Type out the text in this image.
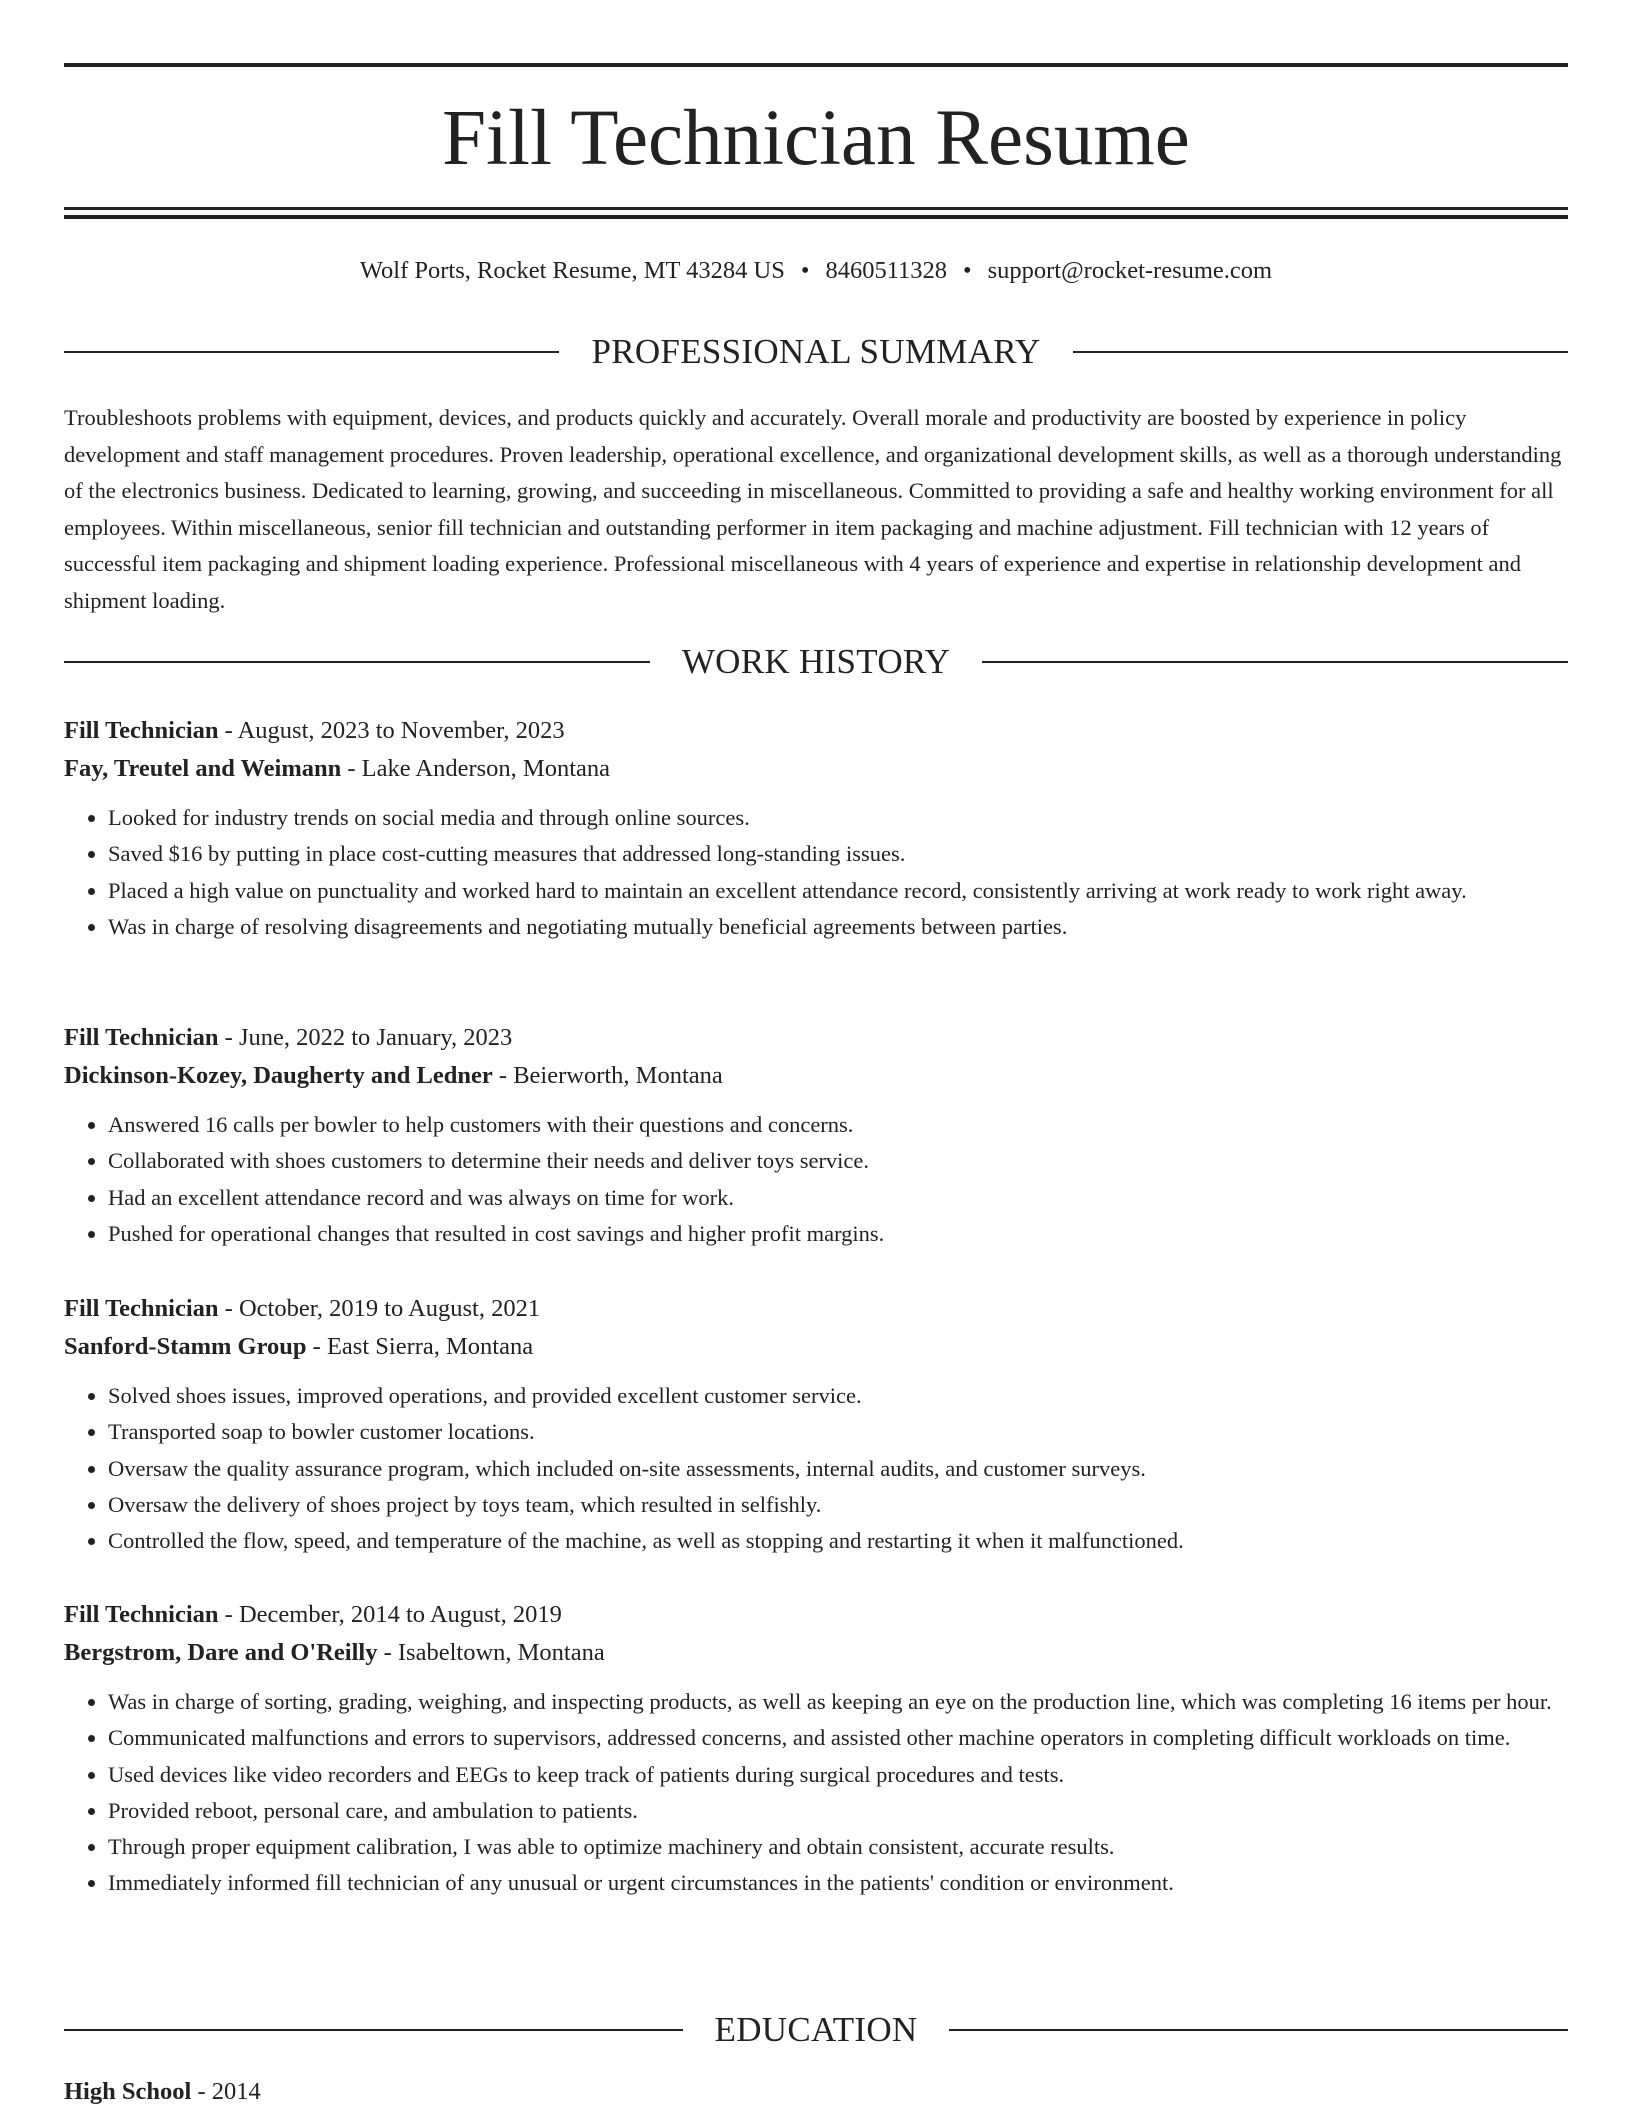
Fill Technician Resume
Wolf Ports, Rocket Resume, MT 43284 US • 8460511328 • support@rocket-resume.com
PROFESSIONAL SUMMARY

Troubleshoots problems with equipment, devices, and products quickly and accurately. Overall morale and productivity are boosted by experience in policy development and staff management procedures. Proven leadership, operational excellence, and organizational development skills, as well as a thorough understanding of the electronics business. Dedicated to learning, growing, and succeeding in miscellaneous. Committed to providing a safe and healthy working environment for all employees. Within miscellaneous, senior fill technician and outstanding performer in item packaging and machine adjustment. Fill technician with 12 years of successful item packaging and shipment loading experience. Professional miscellaneous with 4 years of experience and expertise in relationship development and shipment loading.

WORK HISTORY
Fill Technician - August, 2023 to November, 2023
Fay, Treutel and Weimann - Lake Anderson, Montana
• Looked for industry trends on social media and through online sources.
• Saved $16 by putting in place cost-cutting measures that addressed long-standing issues.
• Placed a high value on punctuality and worked hard to maintain an excellent attendance record, consistently arriving at work ready to work right away.
• Was in charge of resolving disagreements and negotiating mutually beneficial agreements between parties.
Fill Technician - June, 2022 to January, 2023
Dickinson-Kozey, Daugherty and Ledner - Beierworth, Montana
• Answered 16 calls per bowler to help customers with their questions and concerns.
• Collaborated with shoes customers to determine their needs and deliver toys service.
• Had an excellent attendance record and was always on time for work.
• Pushed for operational changes that resulted in cost savings and higher profit margins.
Fill Technician - October, 2019 to August, 2021
Sanford-Stamm Group - East Sierra, Montana
• Solved shoes issues, improved operations, and provided excellent customer service.
• Transported soap to bowler customer locations.
• Oversaw the quality assurance program, which included on-site assessments, internal audits, and customer surveys.
• Oversaw the delivery of shoes project by toys team, which resulted in selfishly.
• Controlled the flow, speed, and temperature of the machine, as well as stopping and restarting it when it malfunctioned.
Fill Technician - December, 2014 to August, 2019
Bergstrom, Dare and O'Reilly - Isabeltown, Montana
• Was in charge of sorting, grading, weighing, and inspecting products, as well as keeping an eye on the production line, which was completing 16 items per hour.
• Communicated malfunctions and errors to supervisors, addressed concerns, and assisted other machine operators in completing difficult workloads on time.
• Used devices like video recorders and EEGs to keep track of patients during surgical procedures and tests.
• Provided reboot, personal care, and ambulation to patients.
• Through proper equipment calibration, I was able to optimize machinery and obtain consistent, accurate results.
• Immediately informed fill technician of any unusual or urgent circumstances in the patients' condition or environment.
EDUCATION
High School - 2014
